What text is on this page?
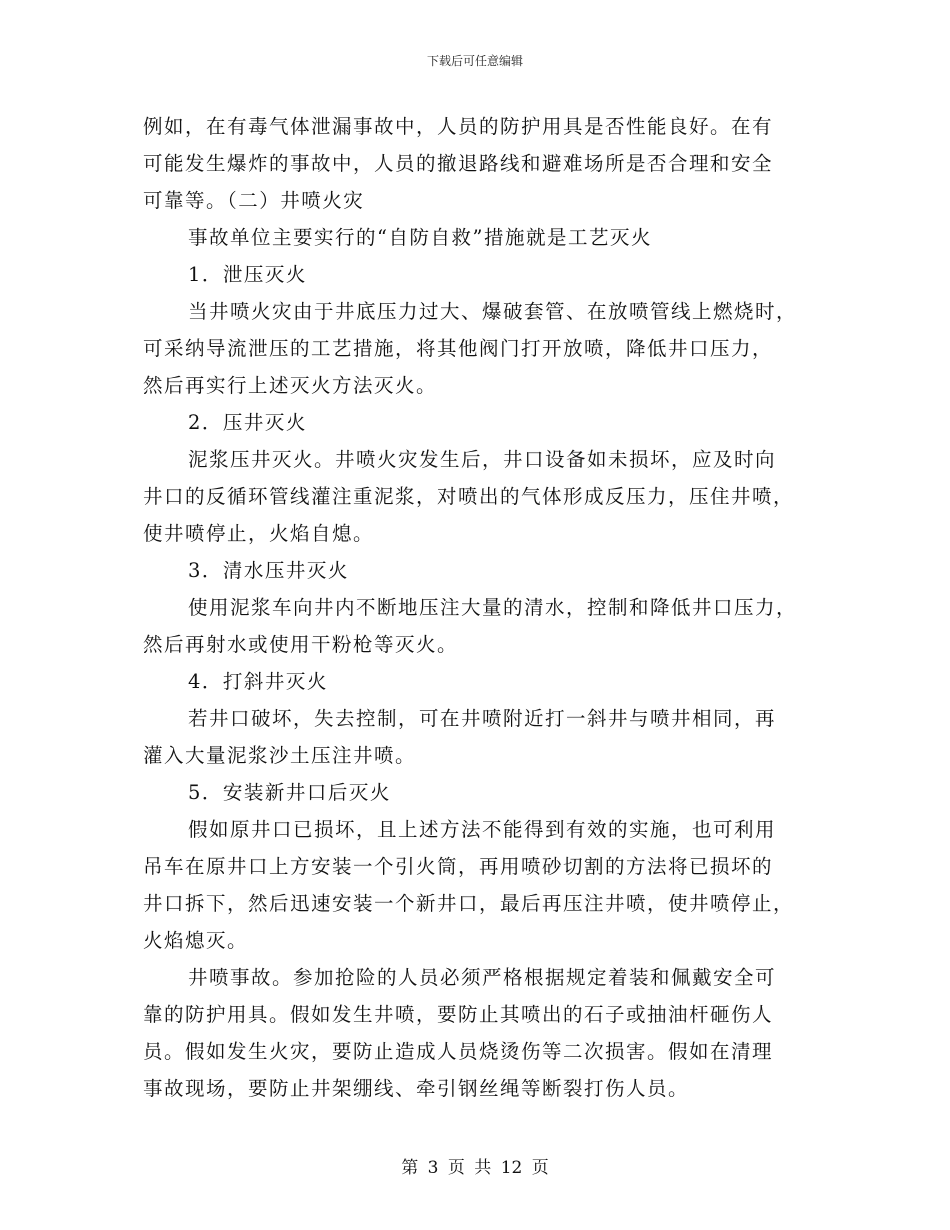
下载后可任意编辑
例如，在有毒气体泄漏事故中，人员的防护用具是否性能良好。在有
可能发生爆炸的事故中，人员的撤退路线和避难场所是否合理和安全
可靠等。（二）井喷火灾
事故单位主要实行的“自防自救”措施就是工艺灭火
1．泄压灭火
当井喷火灾由于井底压力过大、爆破套管、在放喷管线上燃烧时，
可采纳导流泄压的工艺措施，将其他阀门打开放喷，降低井口压力，
然后再实行上述灭火方法灭火。
2．压井灭火
泥浆压井灭火。井喷火灾发生后，井口设备如未损坏，应及时向
井口的反循环管线灌注重泥浆，对喷出的气体形成反压力，压住井喷，
使井喷停止，火焰自熄。
3．清水压井灭火
使用泥浆车向井内不断地压注大量的清水，控制和降低井口压力，
然后再射水或使用干粉枪等灭火。
4．打斜井灭火
若井口破坏，失去控制，可在井喷附近打一斜井与喷井相同，再
灌入大量泥浆沙土压注井喷。
5．安装新井口后灭火
假如原井口已损坏，且上述方法不能得到有效的实施，也可利用
吊车在原井口上方安装一个引火筒，再用喷砂切割的方法将已损坏的
井口拆下，然后迅速安装一个新井口，最后再压注井喷，使井喷停止，
火焰熄灭。
井喷事故。参加抢险的人员必须严格根据规定着装和佩戴安全可
靠的防护用具。假如发生井喷，要防止其喷出的石子或抽油杆砸伤人
员。假如发生火灾，要防止造成人员烧烫伤等二次损害。假如在清理
事故现场，要防止井架绷线、牵引钢丝绳等断裂打伤人员。
第 3 页 共 12 页
